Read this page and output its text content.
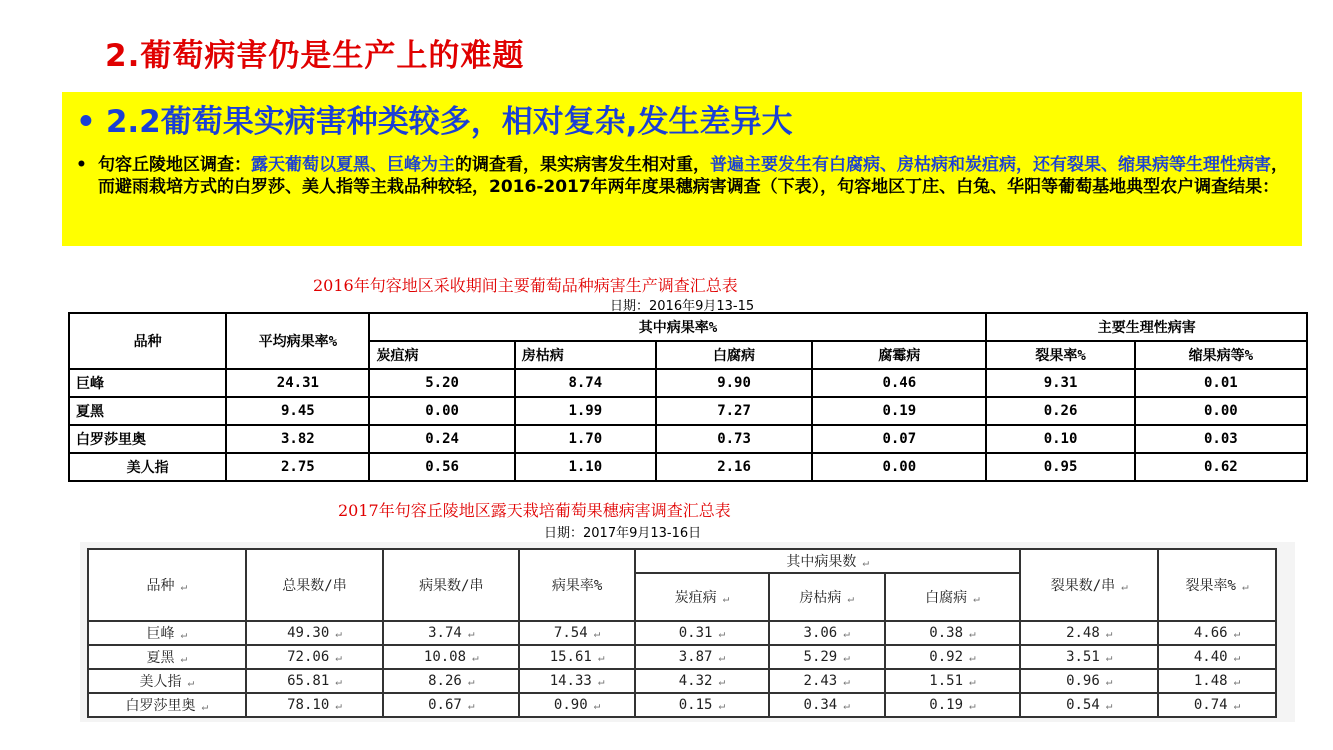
2.葡萄病害仍是生产上的难题
• 2.2葡萄果实病害种类较多，相对复杂,发生差异大
• 句容丘陵地区调查：露天葡萄以夏黑、巨峰为主的调查看，果实病害发生相对重，普遍主要发生有白腐病、房枯病和炭疽病，还有裂果、缩果病等生理性病害，而避雨栽培方式的白罗莎、美人指等主栽品种较轻，2016-2017年两年度果穗病害调查（下表），句容地区丁庄、白兔、华阳等葡萄基地典型农户调查结果：
2016年句容地区采收期间主要葡萄品种病害生产调查汇总表
日期：2016年9月13-15
品种	平均病果率%	其中病果率%				主要生理性病害	
		炭疽病	房枯病	白腐病	腐霉病	裂果率%	缩果病等%
巨峰	24.31	5.20	8.74	9.90	0.46	9.31	0.01
夏黑	9.45	0.00	1.99	7.27	0.19	0.26	0.00
白罗莎里奥	3.82	0.24	1.70	0.73	0.07	0.10	0.03
美人指	2.75	0.56	1.10	2.16	0.00	0.95	0.62
2017年句容丘陵地区露天栽培葡萄果穗病害调查汇总表
日期：2017年9月13-16日
品种 ↵	总果数/串	病果数/串	病果率%	其中病果数 ↵			裂果数/串 ↵	裂果率% ↵
				炭疽病 ↵	房枯病 ↵	白腐病 ↵		
巨峰 ↵	49.30 ↵	3.74 ↵	7.54 ↵	0.31 ↵	3.06 ↵	0.38 ↵	2.48 ↵	4.66 ↵
夏黑 ↵	72.06 ↵	10.08 ↵	15.61 ↵	3.87 ↵	5.29 ↵	0.92 ↵	3.51 ↵	4.40 ↵
美人指 ↵	65.81 ↵	8.26 ↵	14.33 ↵	4.32 ↵	2.43 ↵	1.51 ↵	0.96 ↵	1.48 ↵
白罗莎里奥 ↵	78.10 ↵	0.67 ↵	0.90 ↵	0.15 ↵	0.34 ↵	0.19 ↵	0.54 ↵	0.74 ↵
